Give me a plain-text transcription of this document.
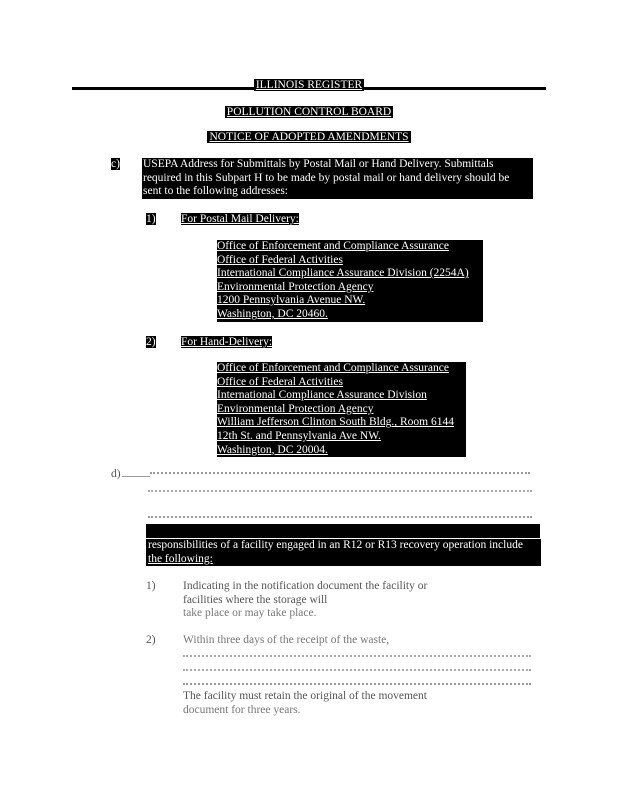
ILLINOIS REGISTER
POLLUTION CONTROL BOARD
NOTICE OF ADOPTED AMENDMENTS
c) USEPA Address for Submittals by Postal Mail or Hand Delivery. Submittals
required in this Subpart H to be made by postal mail or hand delivery should be
sent to the following addresses:
1) For Postal Mail Delivery:
Office of Enforcement and Compliance Assurance
Office of Federal Activities
International Compliance Assurance Division (2254A)
Environmental Protection Agency
1200 Pennsylvania Avenue NW.
Washington, DC 20460.
2) For Hand-Delivery:
Office of Enforcement and Compliance Assurance
Office of Federal Activities
International Compliance Assurance Division
Environmental Protection Agency
William Jefferson Clinton South Bldg., Room 6144
12th St. and Pennsylvania Ave NW.
Washington, DC 20004.
d)
responsibilities of a facility engaged in an R12 or R13 recovery operation include
the following:
1) Indicating in the notification document the facility or
facilities where the storage will
take place or may take place.
2) Within three days of the receipt of the waste,
The facility must retain the original of the movement
document for three years.
